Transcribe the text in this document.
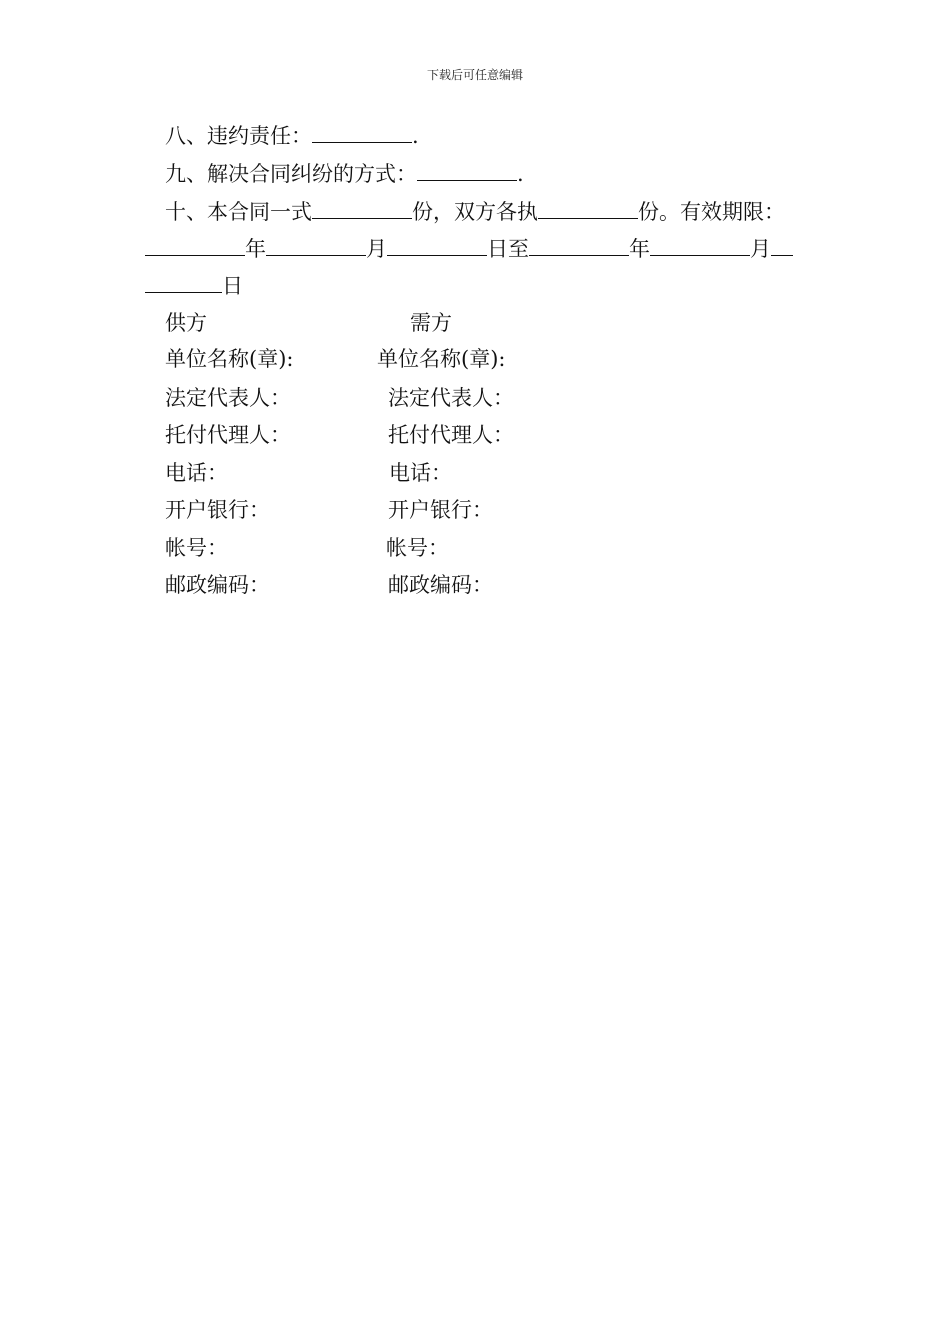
下载后可任意编辑
八、违约责任：	.
九、解决合同纠纷的方式：	.
十、本合同一式	份，双方各执	份。有效期限：
年	月	日至	年	月
日
供方	需方
单位名称(章):	单位名称(章):
法定代表人：	法定代表人：
托付代理人：	托付代理人：
电话：	电话：
开户银行：	开户银行：
帐号：	帐号：
邮政编码：	邮政编码：
